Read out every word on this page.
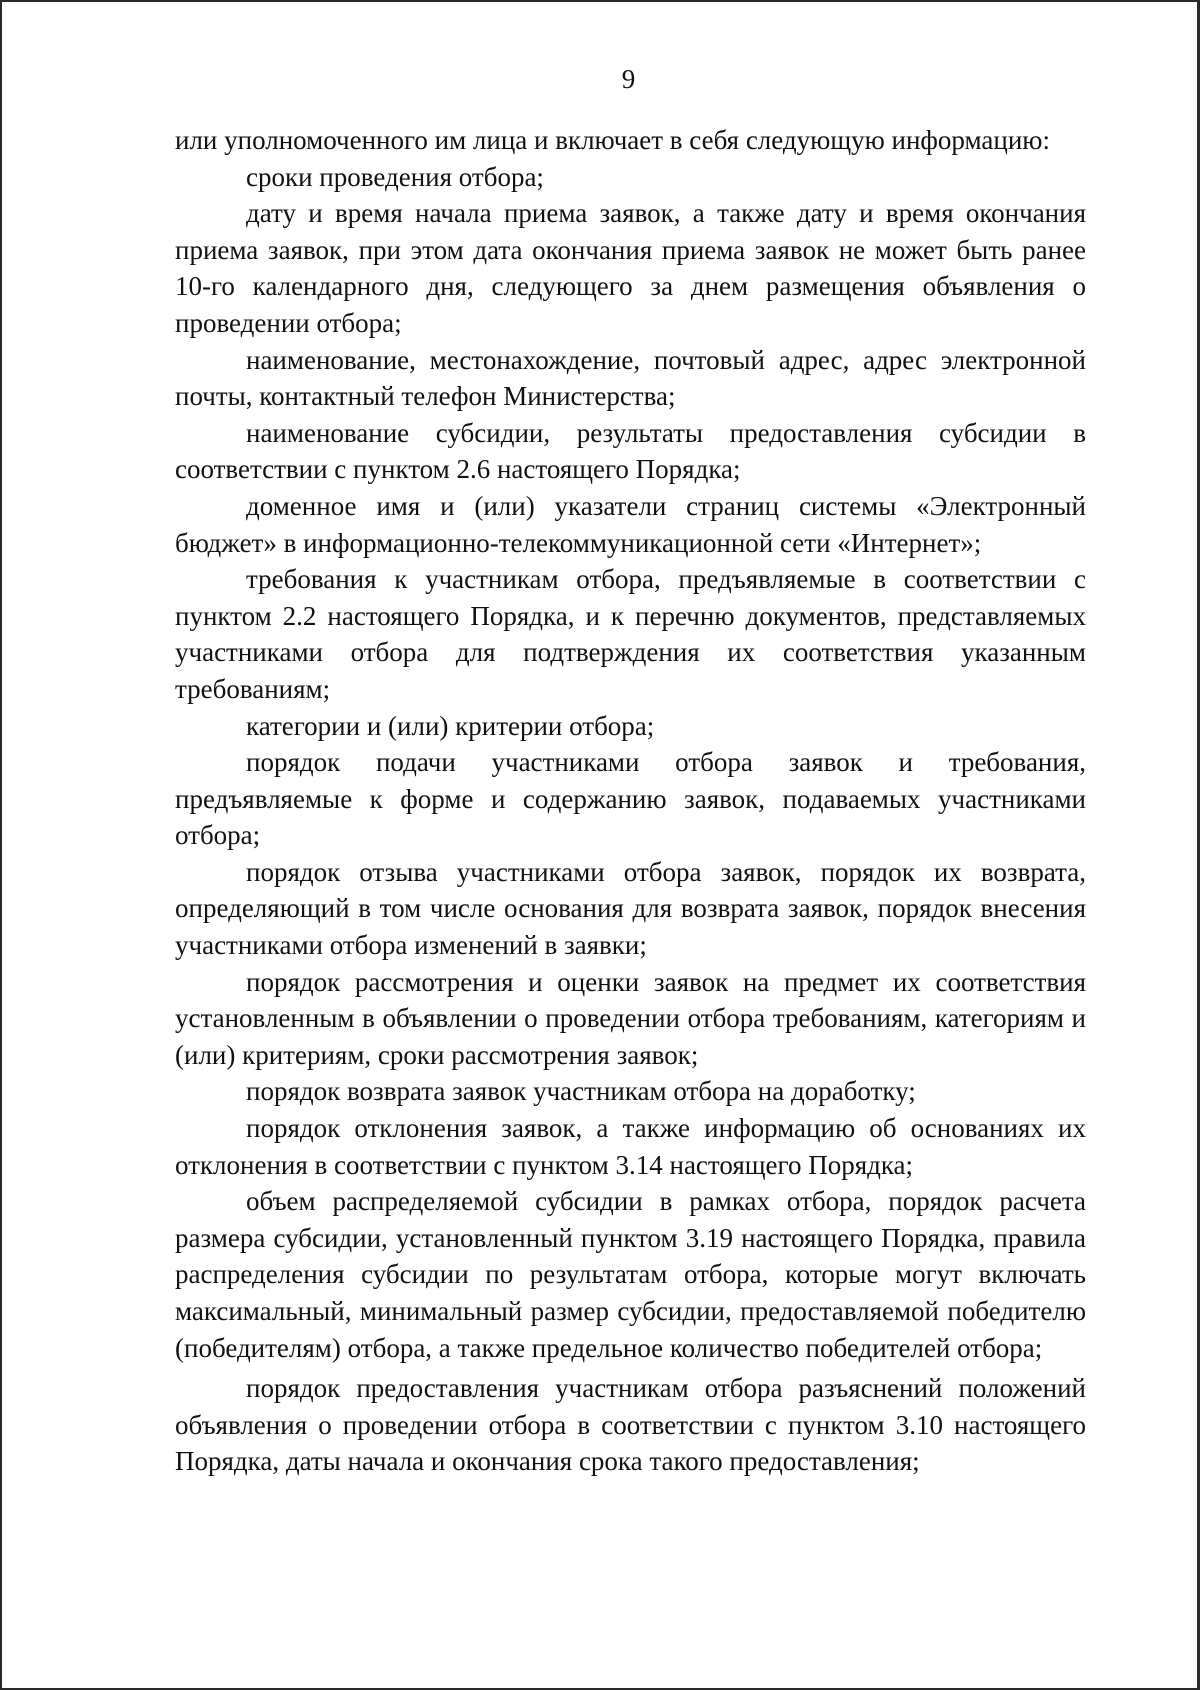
9

или уполномоченного им лица и включает в себя следующую информацию:

сроки проведения отбора;

дату и время начала приема заявок, а также дату и время окончания приема заявок, при этом дата окончания приема заявок не может быть ранее 10-го календарного дня, следующего за днем размещения объявления о проведении отбора;

наименование, местонахождение, почтовый адрес, адрес электронной почты, контактный телефон Министерства;

наименование субсидии, результаты предоставления субсидии в соответствии с пунктом 2.6 настоящего Порядка;

доменное имя и (или) указатели страниц системы «Электронный бюджет» в информационно-телекоммуникационной сети «Интернет»;

требования к участникам отбора, предъявляемые в соответствии с пунктом 2.2 настоящего Порядка, и к перечню документов, представляемых участниками отбора для подтверждения их соответствия указанным требованиям;

категории и (или) критерии отбора;

порядок подачи участниками отбора заявок и требования, предъявляемые к форме и содержанию заявок, подаваемых участниками отбора;

порядок отзыва участниками отбора заявок, порядок их возврата, определяющий в том числе основания для возврата заявок, порядок внесения участниками отбора изменений в заявки;

порядок рассмотрения и оценки заявок на предмет их соответствия установленным в объявлении о проведении отбора требованиям, категориям и (или) критериям, сроки рассмотрения заявок;

порядок возврата заявок участникам отбора на доработку;

порядок отклонения заявок, а также информацию об основаниях их отклонения в соответствии с пунктом 3.14 настоящего Порядка;

объем распределяемой субсидии в рамках отбора, порядок расчета размера субсидии, установленный пунктом 3.19 настоящего Порядка, правила распределения субсидии по результатам отбора, которые могут включать максимальный, минимальный размер субсидии, предоставляемой победителю (победителям) отбора, а также предельное количество победителей отбора;

порядок предоставления участникам отбора разъяснений положений объявления о проведении отбора в соответствии с пунктом 3.10 настоящего Порядка, даты начала и окончания срока такого предоставления;
